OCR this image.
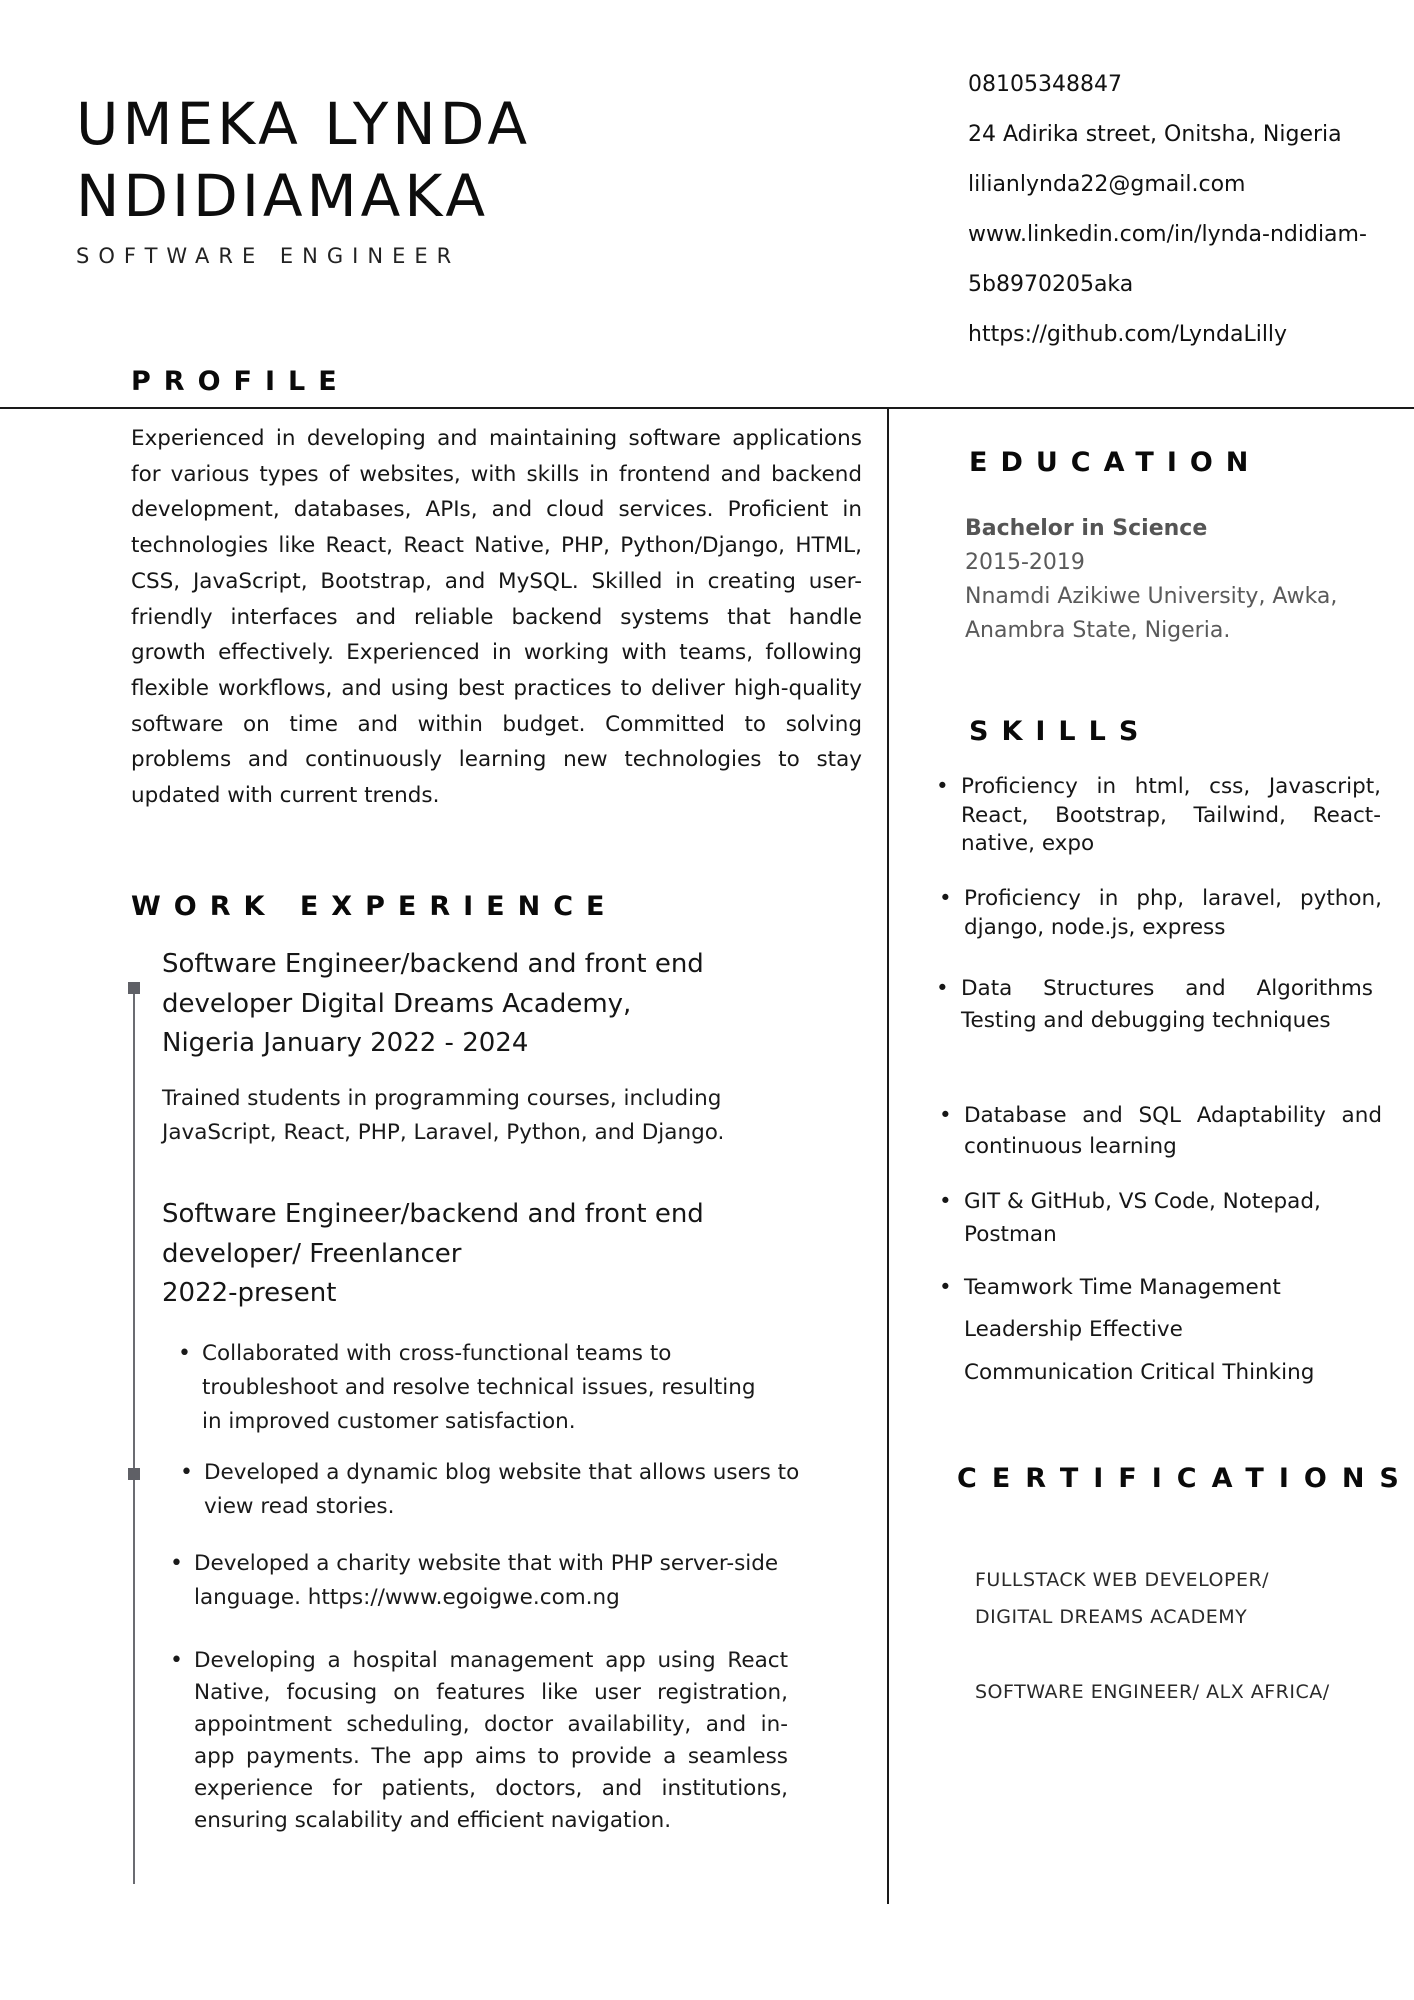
UMEKA LYNDA
NDIDIAMAKA
SOFTWARE ENGINEER
08105348847
24 Adirika street, Onitsha, Nigeria
lilianlynda22@gmail.com
www.linkedin.com/in/lynda-ndidiam-
5b8970205aka
https://github.com/LyndaLilly
PROFILE

Experienced in developing and maintaining software applications for various types of websites, with skills in frontend and backend development, databases, APIs, and cloud services. Proficient in technologies like React, React Native, PHP, Python/Django, HTML, CSS, JavaScript, Bootstrap, and MySQL. Skilled in creating user-friendly interfaces and reliable backend systems that handle growth effectively. Experienced in working with teams, following flexible workflows, and using best practices to deliver high-quality software on time and within budget. Committed to solving problems and continuously learning new technologies to stay updated with current trends.

WORK EXPERIENCE
Software Engineer/backend and front end
developer Digital Dreams Academy,
Nigeria January 2022 - 2024
Trained students in programming courses, including JavaScript, React, PHP, Laravel, Python, and Django.
Software Engineer/backend and front end
developer/ Freenlancer
2022-present
• Collaborated with cross-functional teams to troubleshoot and resolve technical issues, resulting in improved customer satisfaction.
• Developed a dynamic blog website that allows users to view read stories.
• Developed a charity website that with PHP server-side language. https://www.egoigwe.com.ng
• Developing a hospital management app using React Native, focusing on features like user registration, appointment scheduling, doctor availability, and in-app payments. The app aims to provide a seamless experience for patients, doctors, and institutions, ensuring scalability and efficient navigation.
EDUCATION
Bachelor in Science
2015-2019
Nnamdi Azikiwe University, Awka,
Anambra State, Nigeria.
SKILLS
• Proficiency in html, css, Javascript, React, Bootstrap, Tailwind, React-native, expo
• Proficiency in php, laravel, python, django, node.js, express
• Data Structures and Algorithms Testing and debugging techniques
• Database and SQL Adaptability and continuous learning
• GIT & GitHub, VS Code, Notepad, Postman
• Teamwork Time Management Leadership Effective Communication Critical Thinking
CERTIFICATIONS
FULLSTACK WEB DEVELOPER/
DIGITAL DREAMS ACADEMY
SOFTWARE ENGINEER/ ALX AFRICA/
